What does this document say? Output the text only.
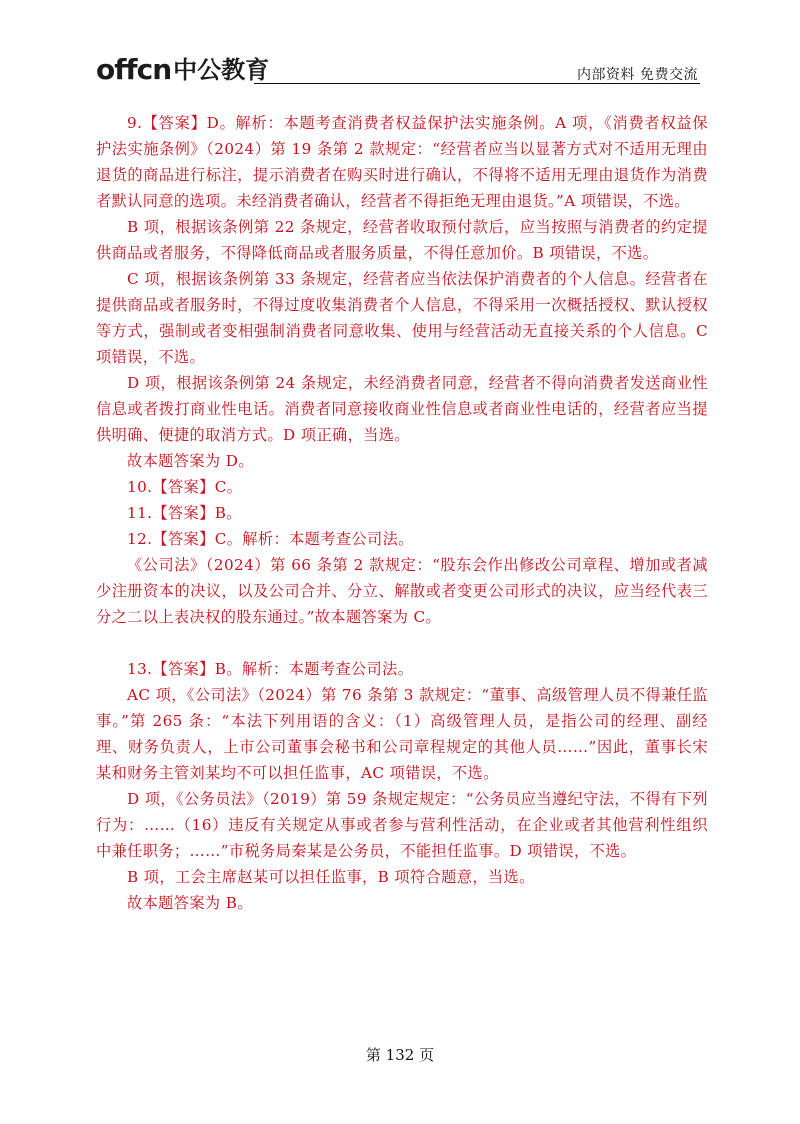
offcn 中公教育	内部资料 免费交流

9.【答案】D。解析：本题考查消费者权益保护法实施条例。A 项，《消费者权益保护法实施条例》（2024）第 19 条第 2 款规定：“经营者应当以显著方式对不适用无理由退货的商品进行标注，提示消费者在购买时进行确认，不得将不适用无理由退货作为消费者默认同意的选项。未经消费者确认，经营者不得拒绝无理由退货。”A 项错误，不选。

B 项，根据该条例第 22 条规定，经营者收取预付款后，应当按照与消费者的约定提供商品或者服务，不得降低商品或者服务质量，不得任意加价。B 项错误，不选。

C 项，根据该条例第 33 条规定，经营者应当依法保护消费者的个人信息。经营者在提供商品或者服务时，不得过度收集消费者个人信息，不得采用一次概括授权、默认授权等方式，强制或者变相强制消费者同意收集、使用与经营活动无直接关系的个人信息。C 项错误，不选。

D 项，根据该条例第 24 条规定，未经消费者同意，经营者不得向消费者发送商业性信息或者拨打商业性电话。消费者同意接收商业性信息或者商业性电话的，经营者应当提供明确、便捷的取消方式。D 项正确，当选。

故本题答案为 D。

10.【答案】C。

11.【答案】B。

12.【答案】C。解析：本题考查公司法。

《公司法》（2024）第 66 条第 2 款规定：“股东会作出修改公司章程、增加或者减少注册资本的决议，以及公司合并、分立、解散或者变更公司形式的决议，应当经代表三分之二以上表决权的股东通过。”故本题答案为 C。

13.【答案】B。解析：本题考查公司法。

AC 项，《公司法》（2024）第 76 条第 3 款规定：“董事、高级管理人员不得兼任监事。”第 265 条：“本法下列用语的含义：（1）高级管理人员，是指公司的经理、副经理、财务负责人，上市公司董事会秘书和公司章程规定的其他人员……”因此，董事长宋某和财务主管刘某均不可以担任监事，AC 项错误，不选。

D 项，《公务员法》（2019）第 59 条规定规定：“公务员应当遵纪守法，不得有下列行为：……（16）违反有关规定从事或者参与营利性活动，在企业或者其他营利性组织中兼任职务；……”市税务局秦某是公务员，不能担任监事。D 项错误，不选。

B 项，工会主席赵某可以担任监事，B 项符合题意，当选。

故本题答案为 B。

第 132 页
